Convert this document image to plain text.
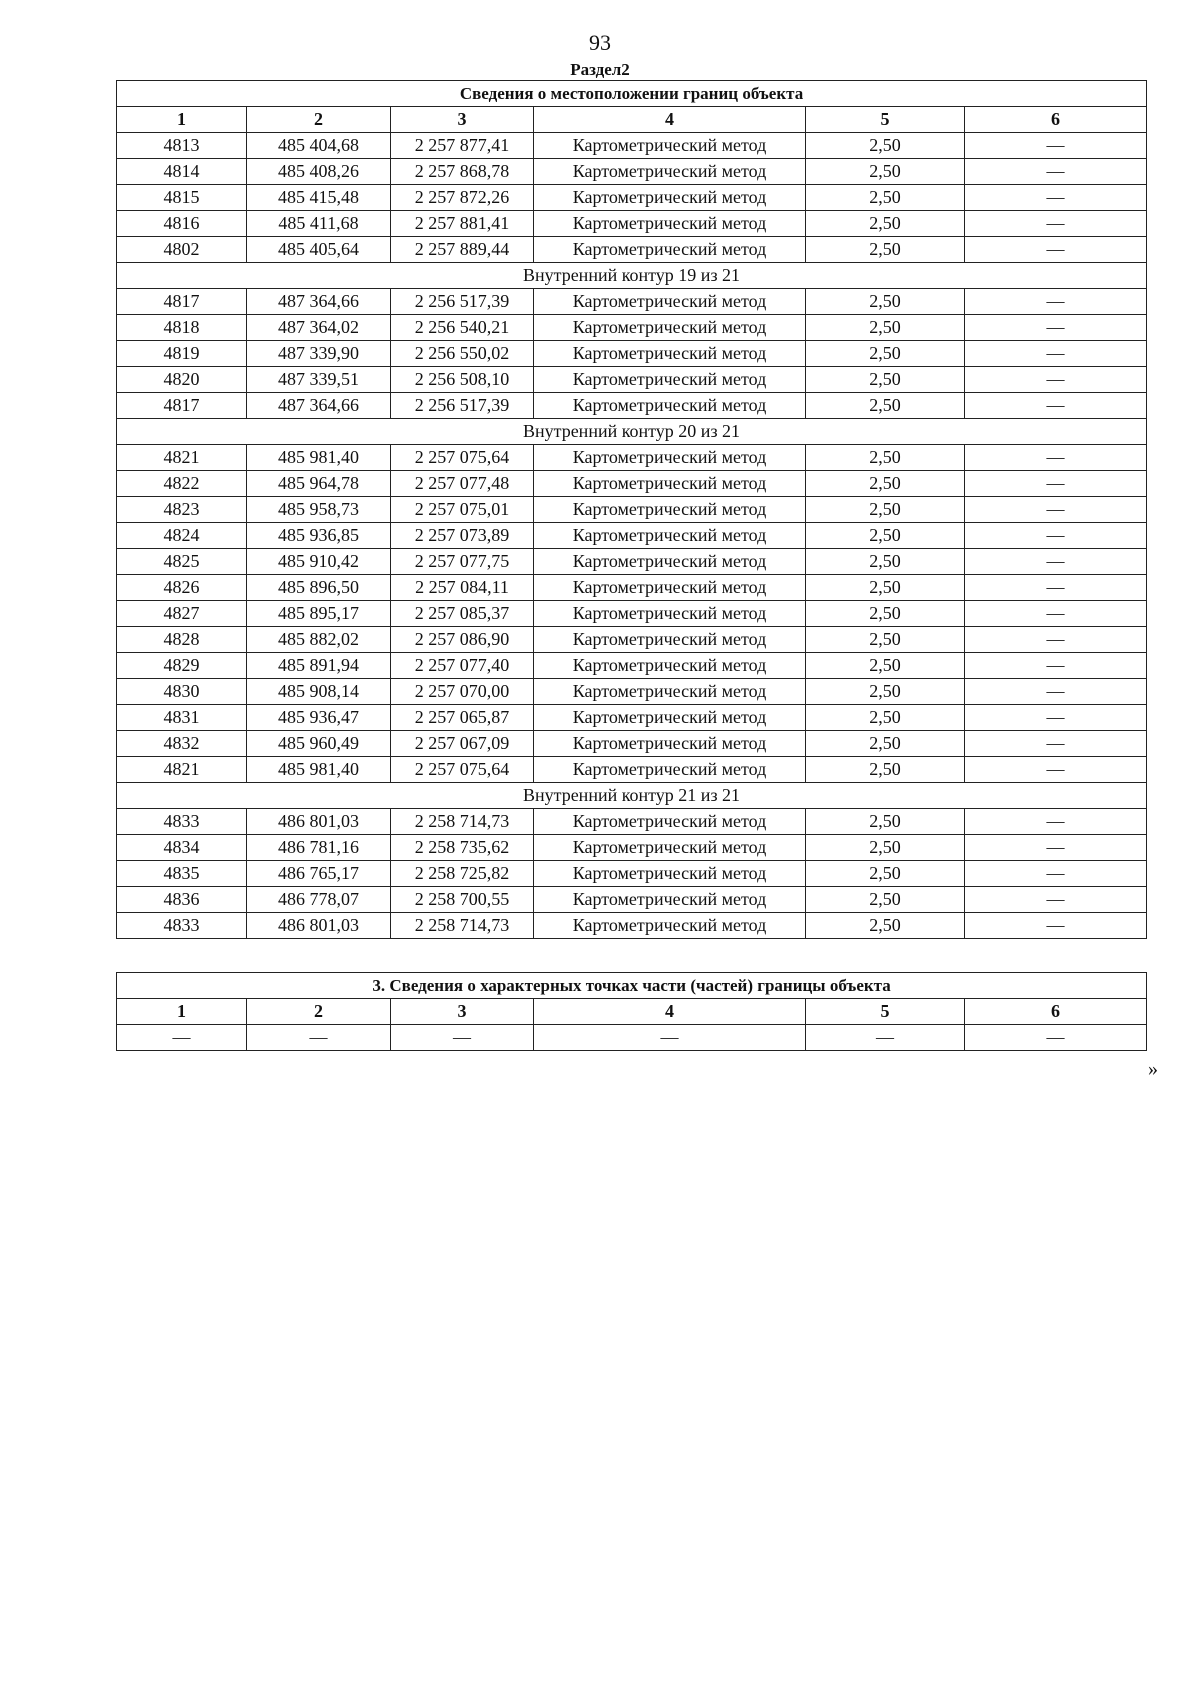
93
Раздел2
Сведения о местоположении границ объекта					
1	2	3	4	5	6
4813	485 404,68	2 257 877,41	Картометрический метод	2,50	—
4814	485 408,26	2 257 868,78	Картометрический метод	2,50	—
4815	485 415,48	2 257 872,26	Картометрический метод	2,50	—
4816	485 411,68	2 257 881,41	Картометрический метод	2,50	—
4802	485 405,64	2 257 889,44	Картометрический метод	2,50	—
Внутренний контур 19 из 21					
4817	487 364,66	2 256 517,39	Картометрический метод	2,50	—
4818	487 364,02	2 256 540,21	Картометрический метод	2,50	—
4819	487 339,90	2 256 550,02	Картометрический метод	2,50	—
4820	487 339,51	2 256 508,10	Картометрический метод	2,50	—
4817	487 364,66	2 256 517,39	Картометрический метод	2,50	—
Внутренний контур 20 из 21					
4821	485 981,40	2 257 075,64	Картометрический метод	2,50	—
4822	485 964,78	2 257 077,48	Картометрический метод	2,50	—
4823	485 958,73	2 257 075,01	Картометрический метод	2,50	—
4824	485 936,85	2 257 073,89	Картометрический метод	2,50	—
4825	485 910,42	2 257 077,75	Картометрический метод	2,50	—
4826	485 896,50	2 257 084,11	Картометрический метод	2,50	—
4827	485 895,17	2 257 085,37	Картометрический метод	2,50	—
4828	485 882,02	2 257 086,90	Картометрический метод	2,50	—
4829	485 891,94	2 257 077,40	Картометрический метод	2,50	—
4830	485 908,14	2 257 070,00	Картометрический метод	2,50	—
4831	485 936,47	2 257 065,87	Картометрический метод	2,50	—
4832	485 960,49	2 257 067,09	Картометрический метод	2,50	—
4821	485 981,40	2 257 075,64	Картометрический метод	2,50	—
Внутренний контур 21 из 21					
4833	486 801,03	2 258 714,73	Картометрический метод	2,50	—
4834	486 781,16	2 258 735,62	Картометрический метод	2,50	—
4835	486 765,17	2 258 725,82	Картометрический метод	2,50	—
4836	486 778,07	2 258 700,55	Картометрический метод	2,50	—
4833	486 801,03	2 258 714,73	Картометрический метод	2,50	—
3. Сведения о характерных точках части (частей) границы объекта					
1	2	3	4	5	6
—	—	—	—	—	—
»
